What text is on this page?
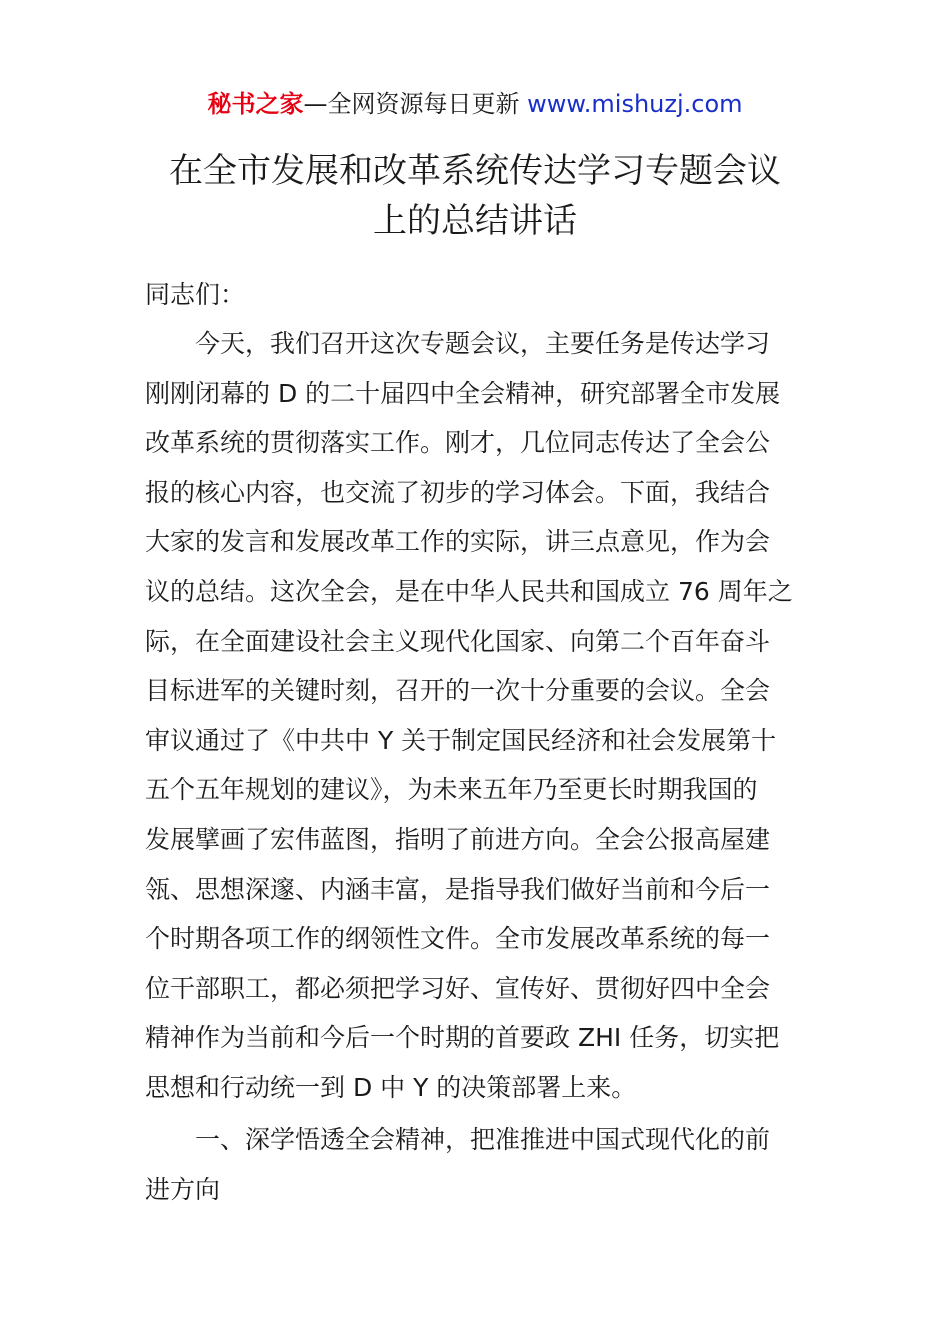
秘书之家—全网资源每日更新 www.mishuzj.com
在全市发展和改革系统传达学习专题会议
上的总结讲话
同志们：
今天，我们召开这次专题会议，主要任务是传达学习
刚刚闭幕的 D 的二十届四中全会精神，研究部署全市发展
改革系统的贯彻落实工作。刚才，几位同志传达了全会公
报的核心内容，也交流了初步的学习体会。下面，我结合
大家的发言和发展改革工作的实际，讲三点意见，作为会
议的总结。这次全会，是在中华人民共和国成立 76 周年之
际，在全面建设社会主义现代化国家、向第二个百年奋斗
目标进军的关键时刻，召开的一次十分重要的会议。全会
审议通过了《中共中 Y 关于制定国民经济和社会发展第十
五个五年规划的建议》，为未来五年乃至更长时期我国的
发展擘画了宏伟蓝图，指明了前进方向。全会公报高屋建
瓴、思想深邃、内涵丰富，是指导我们做好当前和今后一
个时期各项工作的纲领性文件。全市发展改革系统的每一
位干部职工，都必须把学习好、宣传好、贯彻好四中全会
精神作为当前和今后一个时期的首要政 ZHI 任务，切实把
思想和行动统一到 D 中 Y 的决策部署上来。
一、深学悟透全会精神，把准推进中国式现代化的前
进方向
